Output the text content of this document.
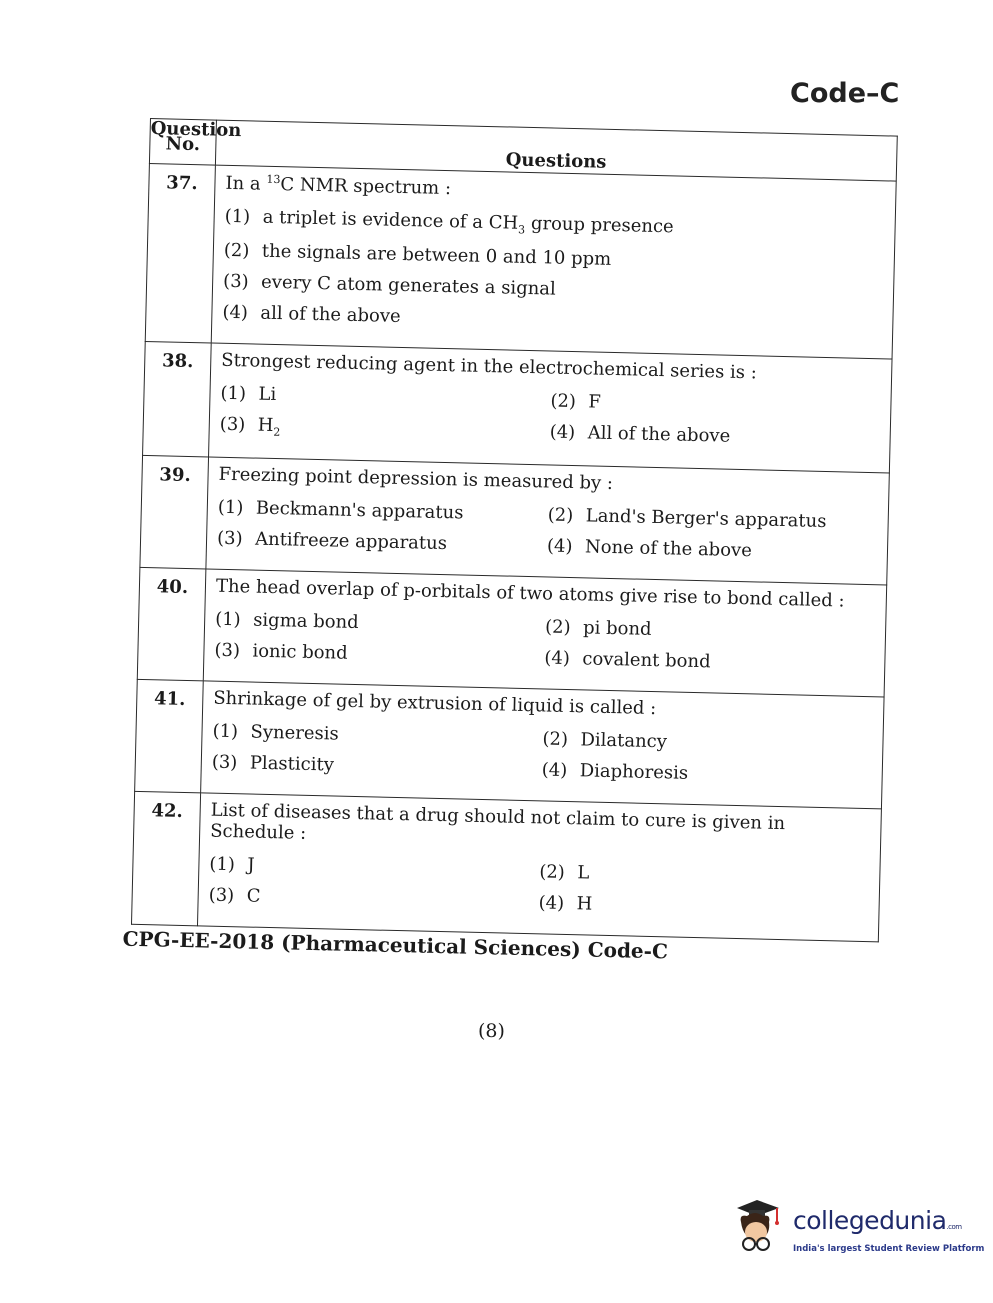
Code–C
Question No.	Questions
37.	In a $^{13}$C NMR spectrum :
(1) a triplet is evidence of a $CH_3$ group presence
(2) the signals are between 0 and 10 ppm
(3) every C atom generates a signal
(4) all of the above

38.	Strongest reducing agent in the electrochemical series is :
(1) Li (2) F
(3) $H_2$ (4) All of the above

39.	Freezing point depression is measured by :
(1) Beckmann's apparatus (2) Land's Berger's apparatus
(3) Antifreeze apparatus (4) None of the above

40.	The head overlap of p-orbitals of two atoms give rise to bond called :
(1) sigma bond (2) pi bond
(3) ionic bond (4) covalent bond

41.	Shrinkage of gel by extrusion of liquid is called :
(1) Syneresis (2) Dilatancy
(3) Plasticity (4) Diaphoresis

42.	List of diseases that a drug should not claim to cure is given in Schedule :
(1) J (2) L
(3) C (4) H
CPG-EE-2018 (Pharmaceutical Sciences) Code-C
(8)
collegedunia.com
India's largest Student Review Platform
